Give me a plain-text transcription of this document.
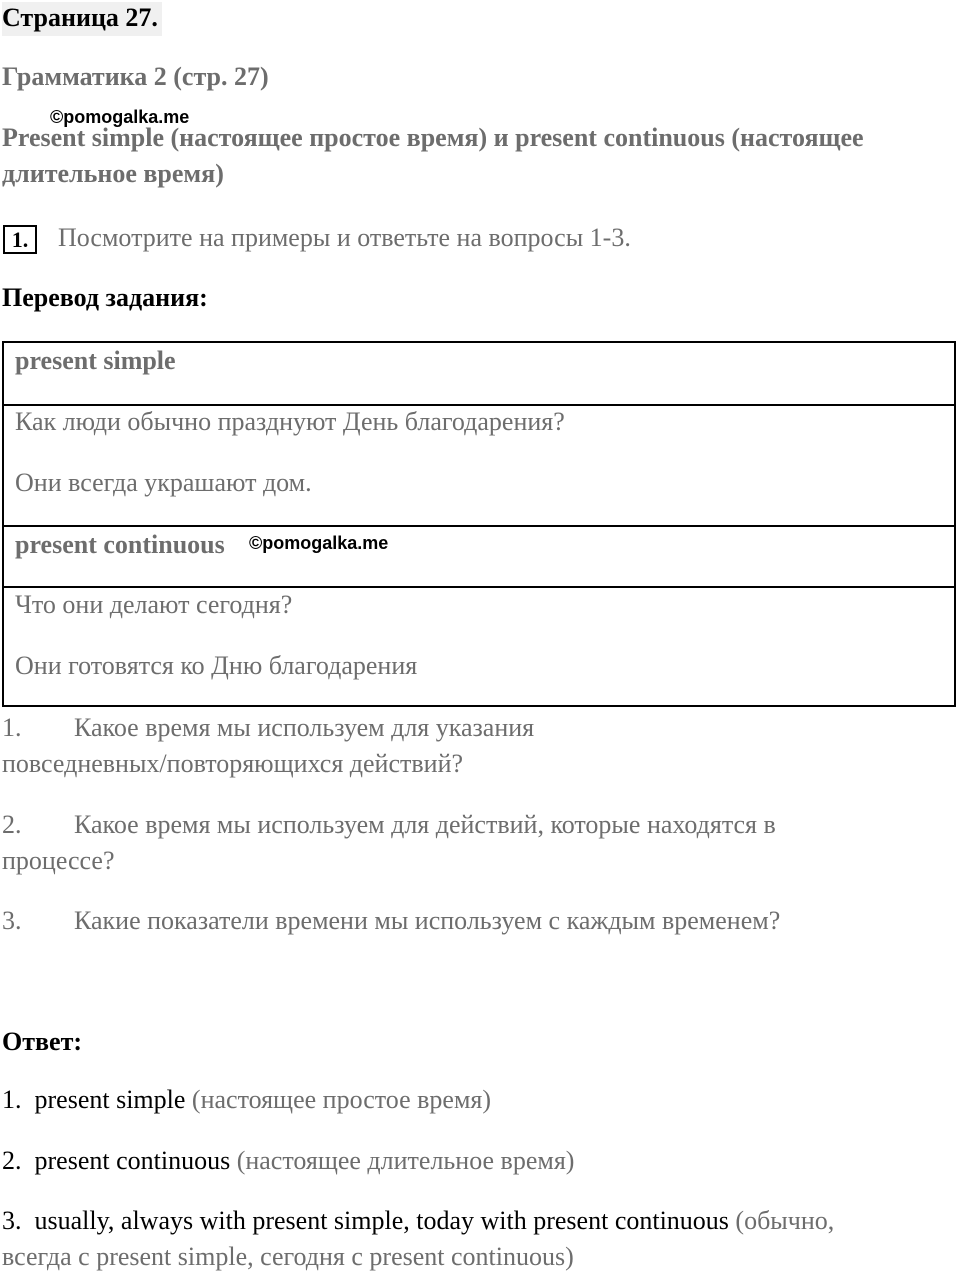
Страница 27.
Грамматика 2 (стр. 27)
©pomogalka.me
Present simple (настоящее простое время) и present continuous (настоящее длительное время)
1.	Посмотрите на примеры и ответьте на вопросы 1-3.
Перевод задания:
present simple
Как люди обычно празднуют День благодарения?
Они всегда украшают дом.
present continuous ©pomogalka.me
Что они делают сегодня?
Они готовятся ко Дню благодарения
1. Какое время мы используем для указания
повседневных/повторяющихся действий?
2. Какое время мы используем для действий, которые находятся в
процессе?
3. Какие показатели времени мы используем с каждым временем?
Ответ:
1.  present simple (настоящее простое время)
2.  present continuous (настоящее длительное время)
3.  usually, always with present simple, today with present continuous (обычно,
всегда с present simple, сегодня с present continuous)
